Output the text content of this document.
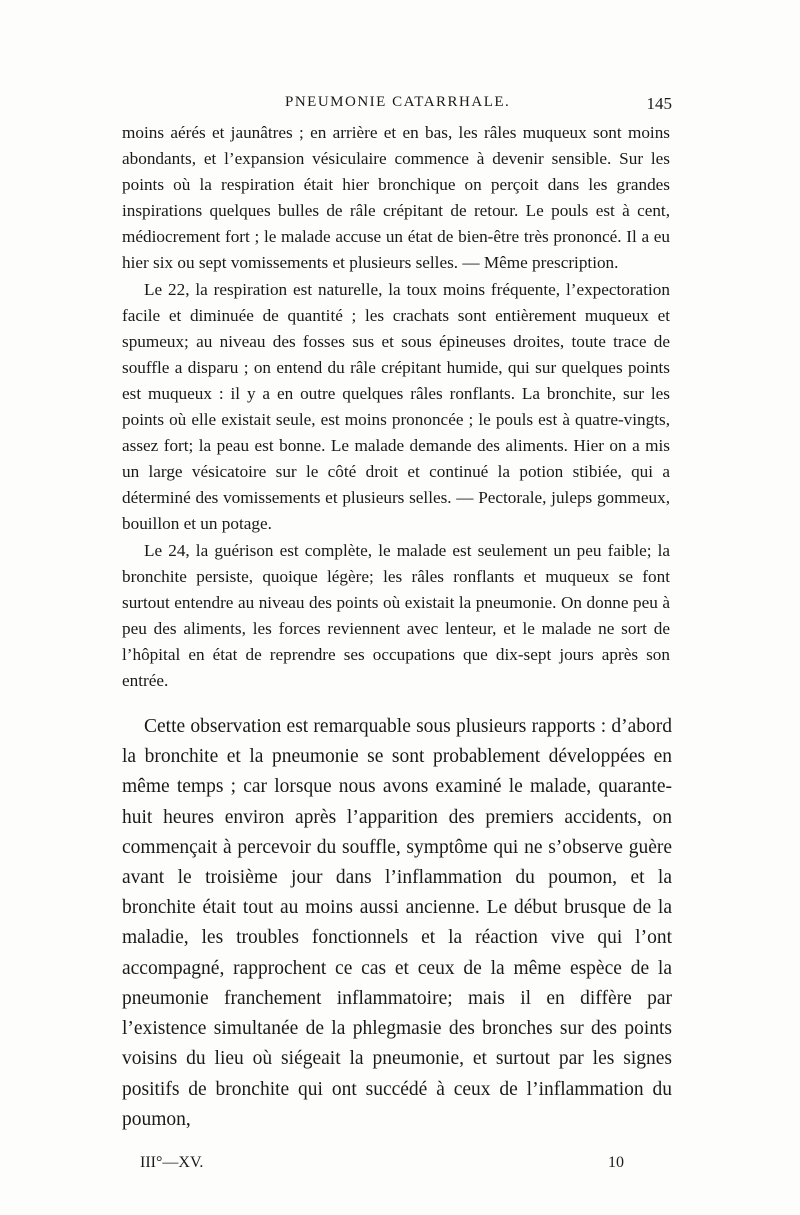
PNEUMONIE CATARRHALE.	145

moins aérés et jaunâtres ; en arrière et en bas, les râles muqueux sont moins abondants, et l’expansion vésiculaire commence à devenir sensible. Sur les points où la respiration était hier bronchique on perçoit dans les grandes inspirations quelques bulles de râle crépitant de retour. Le pouls est à cent, médiocrement fort ; le malade accuse un état de bien-être très prononcé. Il a eu hier six ou sept vomissements et plusieurs selles. — Même prescription.

Le 22, la respiration est naturelle, la toux moins fréquente, l’expectoration facile et diminuée de quantité ; les crachats sont entièrement muqueux et spumeux; au niveau des fosses sus et sous épineuses droites, toute trace de souffle a disparu ; on entend du râle crépitant humide, qui sur quelques points est muqueux : il y a en outre quelques râles ronflants. La bronchite, sur les points où elle existait seule, est moins prononcée ; le pouls est à quatre-vingts, assez fort; la peau est bonne. Le malade demande des aliments. Hier on a mis un large vésicatoire sur le côté droit et continué la potion stibiée, qui a déterminé des vomissements et plusieurs selles. — Pectorale, juleps gommeux, bouillon et un potage.

Le 24, la guérison est complète, le malade est seulement un peu faible; la bronchite persiste, quoique légère; les râles ronflants et muqueux se font surtout entendre au niveau des points où existait la pneumonie. On donne peu à peu des aliments, les forces reviennent avec lenteur, et le malade ne sort de l’hôpital en état de reprendre ses occupations que dix-sept jours après son entrée.

Cette observation est remarquable sous plusieurs rapports : d’abord la bronchite et la pneumonie se sont probablement développées en même temps ; car lorsque nous avons examiné le malade, quarante-huit heures environ après l’apparition des premiers accidents, on commençait à percevoir du souffle, symptôme qui ne s’observe guère avant le troisième jour dans l’inflammation du poumon, et la bronchite était tout au moins aussi ancienne. Le début brusque de la maladie, les troubles fonctionnels et la réaction vive qui l’ont accompagné, rapprochent ce cas et ceux de la même espèce de la pneumonie franchement inflammatoire; mais il en diffère par l’existence simultanée de la phlegmasie des bronches sur des points voisins du lieu où siégeait la pneumonie, et surtout par les signes positifs de bronchite qui ont succédé à ceux de l’inflammation du poumon,

III°—XV.	10
